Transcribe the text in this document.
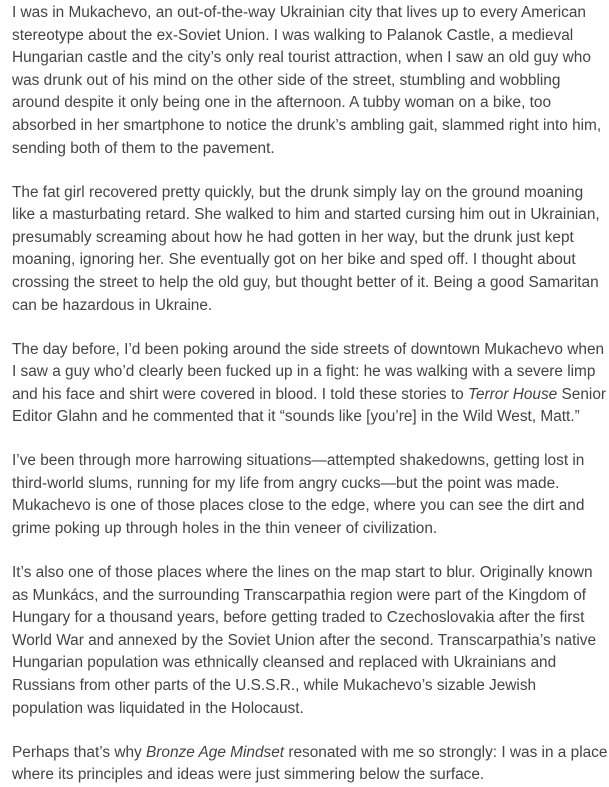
I was in Mukachevo, an out-of-the-way Ukrainian city that lives up to every American stereotype about the ex-Soviet Union. I was walking to Palanok Castle, a medieval Hungarian castle and the city’s only real tourist attraction, when I saw an old guy who was drunk out of his mind on the other side of the street, stumbling and wobbling around despite it only being one in the afternoon. A tubby woman on a bike, too absorbed in her smartphone to notice the drunk’s ambling gait, slammed right into him, sending both of them to the pavement.

The fat girl recovered pretty quickly, but the drunk simply lay on the ground moaning like a masturbating retard. She walked to him and started cursing him out in Ukrainian, presumably screaming about how he had gotten in her way, but the drunk just kept moaning, ignoring her. She eventually got on her bike and sped off. I thought about crossing the street to help the old guy, but thought better of it. Being a good Samaritan can be hazardous in Ukraine.

The day before, I’d been poking around the side streets of downtown Mukachevo when I saw a guy who’d clearly been fucked up in a fight: he was walking with a severe limp and his face and shirt were covered in blood. I told these stories to Terror House Senior Editor Glahn and he commented that it “sounds like [you’re] in the Wild West, Matt.”

I’ve been through more harrowing situations—attempted shakedowns, getting lost in third-world slums, running for my life from angry cucks—but the point was made. Mukachevo is one of those places close to the edge, where you can see the dirt and grime poking up through holes in the thin veneer of civilization.

It’s also one of those places where the lines on the map start to blur. Originally known as Munkács, and the surrounding Transcarpathia region were part of the Kingdom of Hungary for a thousand years, before getting traded to Czechoslovakia after the first World War and annexed by the Soviet Union after the second. Transcarpathia’s native Hungarian population was ethnically cleansed and replaced with Ukrainians and Russians from other parts of the U.S.S.R., while Mukachevo’s sizable Jewish population was liquidated in the Holocaust.

Perhaps that’s why Bronze Age Mindset resonated with me so strongly: I was in a place where its principles and ideas were just simmering below the surface.
